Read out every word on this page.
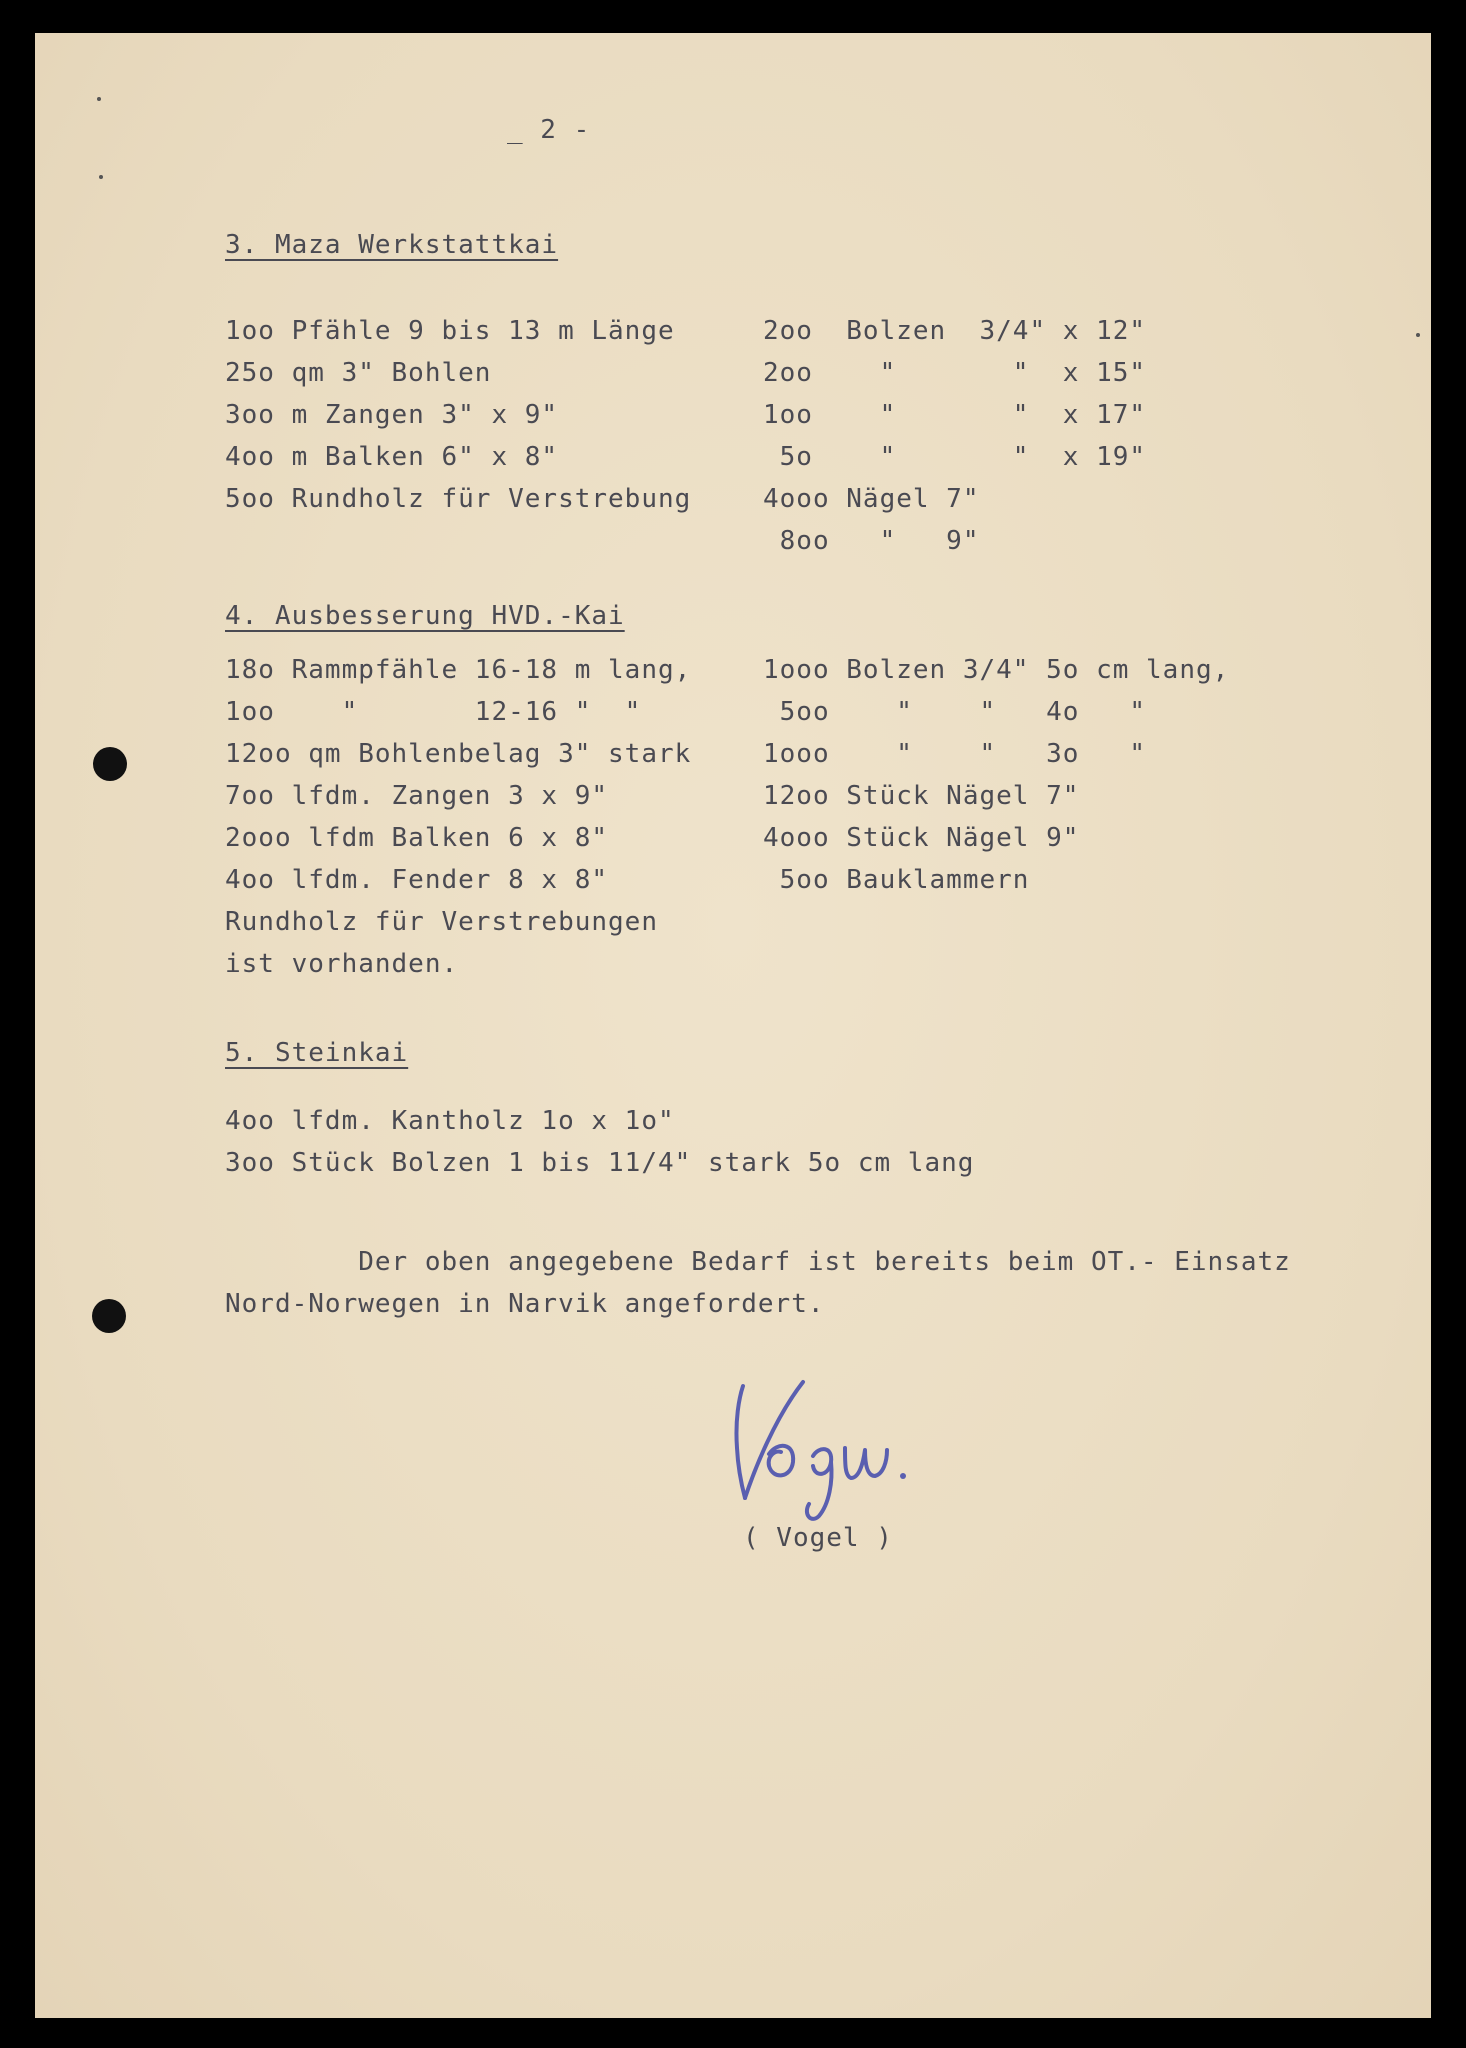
_ 2 -
3. Maza Werkstattkai
1oo Pfähle 9 bis 13 m Länge
25o qm 3" Bohlen
3oo m Zangen 3" x 9"
4oo m Balken 6" x 8"
5oo Rundholz für Verstrebung
2oo  Bolzen  3/4" x 12"
2oo    "       "  x 15"
1oo    "       "  x 17"
5o    "       "  x 19"
4ooo Nägel 7"
8oo   "   9"
4. Ausbesserung HVD.-Kai
18o Rammpfähle 16-18 m lang,
1oo    "       12-16 "  "
12oo qm Bohlenbelag 3" stark
7oo lfdm. Zangen 3 x 9"
2ooo lfdm Balken 6 x 8"
4oo lfdm. Fender 8 x 8"
Rundholz für Verstrebungen
ist vorhanden.
1ooo Bolzen 3/4" 5o cm lang,
5oo    "    "   4o   "
1ooo    "    "   3o   "
12oo Stück Nägel 7"
4ooo Stück Nägel 9"
5oo Bauklammern
5. Steinkai
4oo lfdm. Kantholz 1o x 1o"
3oo Stück Bolzen 1 bis 11/4" stark 5o cm lang
Der oben angegebene Bedarf ist bereits beim OT.- Einsatz
Nord-Norwegen in Narvik angefordert.
( Vogel )
